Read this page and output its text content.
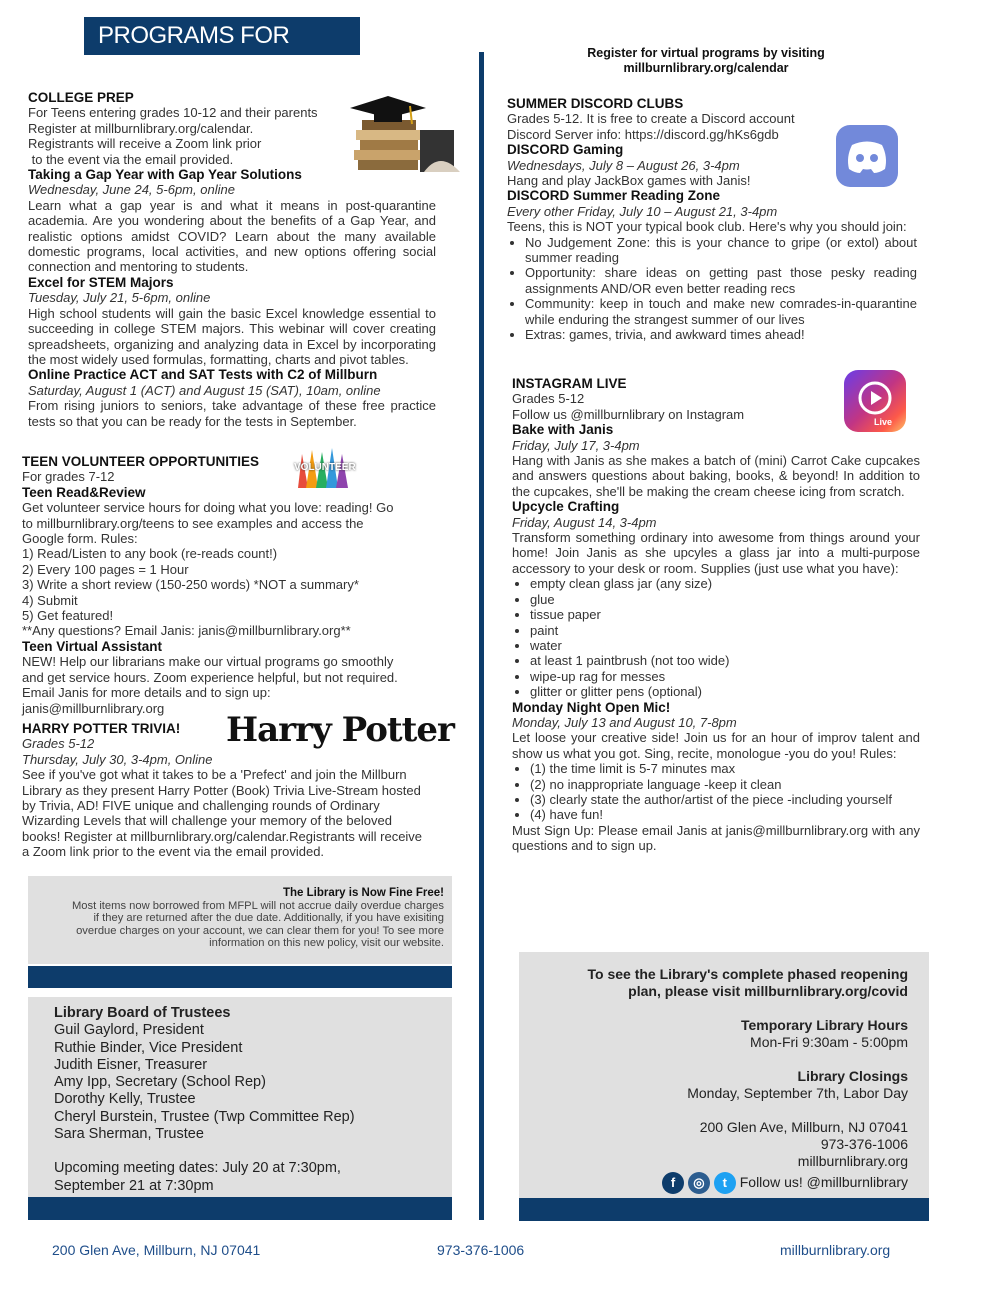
PROGRAMS FOR TEENS

COLLEGE PREP

For Teens entering grades 10-12 and their parents

Register at millburnlibrary.org/calendar.

Registrants will receive a Zoom link prior

to the event via the email provided.

Taking a Gap Year with Gap Year Solutions

Wednesday, June 24, 5-6pm, online

Learn what a gap year is and what it means in post-quarantine academia. Are you wondering about the benefits of a Gap Year, and realistic options amidst COVID? Learn about the many available domestic programs, local activities, and new options offering social connection and mentoring to students.

Excel for STEM Majors

Tuesday, July 21, 5-6pm, online

High school students will gain the basic Excel knowledge essential to succeeding in college STEM majors. This webinar will cover creating spreadsheets, organizing and analyzing data in Excel by incorporating the most widely used formulas, formatting, charts and pivot tables.

Online Practice ACT and SAT Tests with C2 of Millburn

Saturday, August 1 (ACT) and August 15 (SAT), 10am, online

From rising juniors to seniors, take advantage of these free practice tests so that you can be ready for the tests in September.

TEEN VOLUNTEER OPPORTUNITIES

For grades 7-12

Teen Read&Review

Get volunteer service hours for doing what you love: reading! Go

to millburnlibrary.org/teens to see examples and access the

Google form. Rules:

1) Read/Listen to any book (re-reads count!)

2) Every 100 pages = 1 Hour

3) Write a short review (150-250 words) *NOT a summary*

4) Submit

5) Get featured!

**Any questions? Email Janis: janis@millburnlibrary.org**

Teen Virtual Assistant

NEW! Help our librarians make our virtual programs go smoothly

and get service hours. Zoom experience helpful, but not required.

Email Janis for more details and to sign up:

janis@millburnlibrary.org

VOLUNTEER

HARRY POTTER TRIVIA!

Grades 5-12

Thursday, July 30, 3-4pm, Online

See if you've got what it takes to be a 'Prefect' and join the Millburn

Library as they present Harry Potter (Book) Trivia Live-Stream hosted

by Trivia, AD! FIVE unique and challenging rounds of Ordinary

Wizarding Levels that will challenge your memory of the beloved

books! Register at millburnlibrary.org/calendar.Registrants will receive

a Zoom link prior to the event via the email provided.

Harry Potter
The Library is Now Fine Free!
Most items now borrowed from MFPL will not accrue daily overdue charges
if they are returned after the due date. Additionally, if you have exisiting
overdue charges on your account, we can clear them for you! To see more
information on this new policy, visit our website.
Library Board of Trustees
Guil Gaylord, President
Ruthie Binder, Vice President
Judith Eisner, Treasurer
Amy Ipp, Secretary (School Rep)
Dorothy Kelly, Trustee
Cheryl Burstein, Trustee (Twp Committee Rep)
Sara Sherman, Trustee
Upcoming meeting dates: July 20 at 7:30pm,
September 21 at 7:30pm
Register for virtual programs by visiting
millburnlibrary.org/calendar

SUMMER DISCORD CLUBS

Grades 5-12. It is free to create a Discord account

Discord Server info: https://discord.gg/hKs6gdb

DISCORD Gaming

Wednesdays, July 8 – August 26, 3-4pm

Hang and play JackBox games with Janis!

DISCORD Summer Reading Zone

Every other Friday, July 10 – August 21, 3-4pm

Teens, this is NOT your typical book club. Here's why you should join:

• No Judgement Zone: this is your chance to gripe (or extol) about summer reading
• Opportunity: share ideas on getting past those pesky reading assignments AND/OR even better reading recs
• Community: keep in touch and make new comrades-in-quarantine while enduring the strangest summer of our lives
• Extras: games, trivia, and awkward times ahead!

INSTAGRAM LIVE

Grades 5-12

Follow us @millburnlibrary on Instagram

Bake with Janis

Friday, July 17, 3-4pm

Hang with Janis as she makes a batch of (mini) Carrot Cake cupcakes and answers questions about baking, books, & beyond! In addition to the cupcakes, she'll be making the cream cheese icing from scratch.

Upcycle Crafting

Friday, August 14, 3-4pm

Transform something ordinary into awesome from things around your home! Join Janis as she upcyles a glass jar into a multi-purpose accessory to your desk or room. Supplies (just use what you have):

• empty clean glass jar (any size)
• glue
• tissue paper
• paint
• water
• at least 1 paintbrush (not too wide)
• wipe-up rag for messes
• glitter or glitter pens (optional)

Monday Night Open Mic!

Monday, July 13 and August 10, 7-8pm

Let loose your creative side! Join us for an hour of improv talent and show us what you got. Sing, recite, monologue -you do you! Rules:

• (1) the time limit is 5-7 minutes max
• (2) no inappropriate language -keep it clean
• (3) clearly state the author/artist of the piece -including yourself
• (4) have fun!

Must Sign Up: Please email Janis at janis@millburnlibrary.org with any questions and to sign up.

Live
To see the Library's complete phased reopening
plan, please visit millburnlibrary.org/covid
Temporary Library Hours
Mon-Fri 9:30am - 5:00pm
Library Closings
Monday, September 7th, Labor Day
200 Glen Ave, Millburn, NJ 07041
973-376-1006
millburnlibrary.org
f ◎ t Follow us! @millburnlibrary
200 Glen Ave, Millburn, NJ 07041	973-376-1006	millburnlibrary.org
